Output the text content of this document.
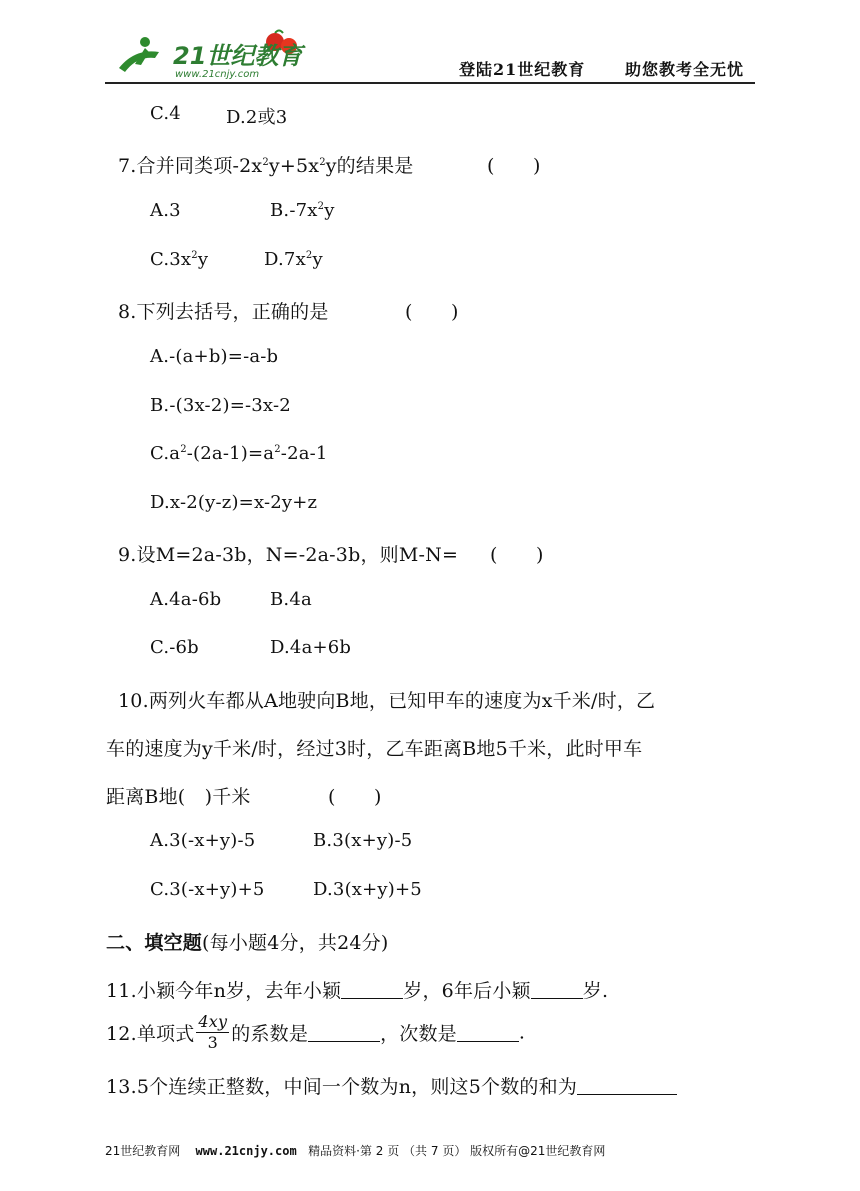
21世纪教育
www.21cnjy.com	登陆21世纪教育 助您教考全无忧
C.4	D.2或3
7.合并同类项$-2x^2y+5x^2y$的结果是	(　　)
A.3	$B.-7x^2y$
$C.3x^2y$	$D.7x^2y$
8.下列去括号，正确的是	(　　)
A.-(a+b)=-a-b
B.-(3x-2)=-3x-2
$C.a^2-(2a-1)=a^2-2a-1$
D.x-2(y-z)=x-2y+z
9.设M=2a-3b，N=-2a-3b，则M-N= (　　)
A.4a-6b	B.4a
C.-6b	D.4a+6b
10.两列火车都从A地驶向B地，已知甲车的速度为x千米/时，乙
车的速度为y千米/时，经过3时，乙车距离B地5千米，此时甲车
距离B地(　)千米	(　　)
A.3(-x+y)-5	B.3(x+y)-5
C.3(-x+y)+5	D.3(x+y)+5
二、填空题(每小题4分，共24分)
11.小颖今年n岁，去年小颖	岁，6年后小颖	岁.
12.单项式 $\frac{4xy}{3}$ 的系数是	，次数是	.
13.5个连续正整数，中间一个数为n，则这5个数的和为
21世纪教育网 www.21cnjy.com 精品资料·第 2 页 （共 7 页） 版权所有@21世纪教育网
